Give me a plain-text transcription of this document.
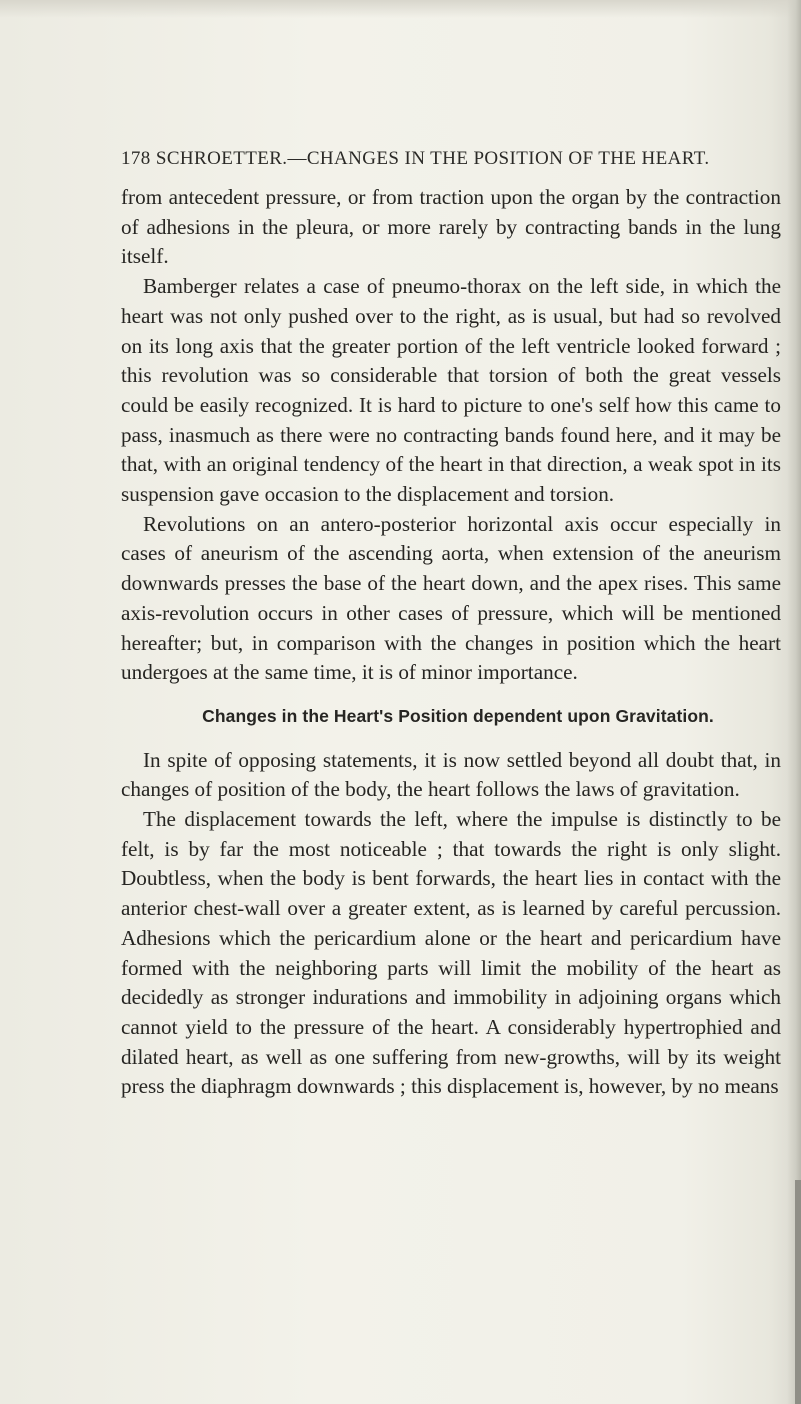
178 SCHROETTER.—CHANGES IN THE POSITION OF THE HEART.

from antecedent pressure, or from traction upon the organ by the contraction of adhesions in the pleura, or more rarely by contracting bands in the lung itself.

Bamberger relates a case of pneumo-thorax on the left side, in which the heart was not only pushed over to the right, as is usual, but had so revolved on its long axis that the greater portion of the left ventricle looked forward ; this revolution was so considerable that torsion of both the great vessels could be easily recognized. It is hard to picture to one's self how this came to pass, inasmuch as there were no contracting bands found here, and it may be that, with an original tendency of the heart in that direction, a weak spot in its suspension gave occasion to the displacement and torsion.

Revolutions on an antero-posterior horizontal axis occur especially in cases of aneurism of the ascending aorta, when extension of the aneurism downwards presses the base of the heart down, and the apex rises. This same axis-revolution occurs in other cases of pressure, which will be mentioned hereafter; but, in comparison with the changes in position which the heart undergoes at the same time, it is of minor importance.

Changes in the Heart's Position dependent upon Gravitation.

In spite of opposing statements, it is now settled beyond all doubt that, in changes of position of the body, the heart follows the laws of gravitation.

The displacement towards the left, where the impulse is distinctly to be felt, is by far the most noticeable ; that towards the right is only slight. Doubtless, when the body is bent forwards, the heart lies in contact with the anterior chest-wall over a greater extent, as is learned by careful percussion. Adhesions which the pericardium alone or the heart and pericardium have formed with the neighboring parts will limit the mobility of the heart as decidedly as stronger indurations and immobility in adjoining organs which cannot yield to the pressure of the heart. A considerably hypertrophied and dilated heart, as well as one suffering from new-growths, will by its weight press the diaphragm downwards ; this displacement is, however, by no means
